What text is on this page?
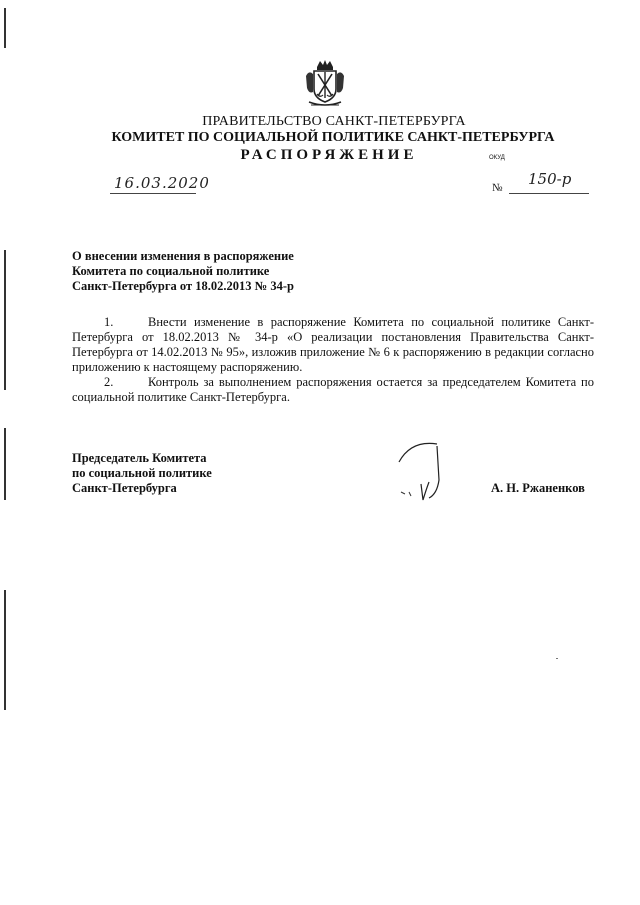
ПРАВИТЕЛЬСТВО САНКТ-ПЕТЕРБУРГА
КОМИТЕТ ПО СОЦИАЛЬНОЙ ПОЛИТИКЕ САНКТ-ПЕТЕРБУРГА
РАСПОРЯЖЕНИЕ	ОКУД
16.03.2020	№ 150-р
О внесении изменения в распоряжение
Комитета по социальной политике
Санкт-Петербурга от 18.02.2013 № 34-р

1.	Внести изменение в распоряжение Комитета по социальной политике Санкт-Петербурга от 18.02.2013 № 34-р «О реализации постановления Правительства Санкт-Петербурга от 14.02.2013 № 95», изложив приложение № 6 к распоряжению в редакции согласно приложению к настоящему распоряжению.

2.	Контроль за выполнением распоряжения остается за председателем Комитета по социальной политике Санкт-Петербурга.

Председатель Комитета
по социальной политике
Санкт-Петербурга	А. Н. Ржаненков
